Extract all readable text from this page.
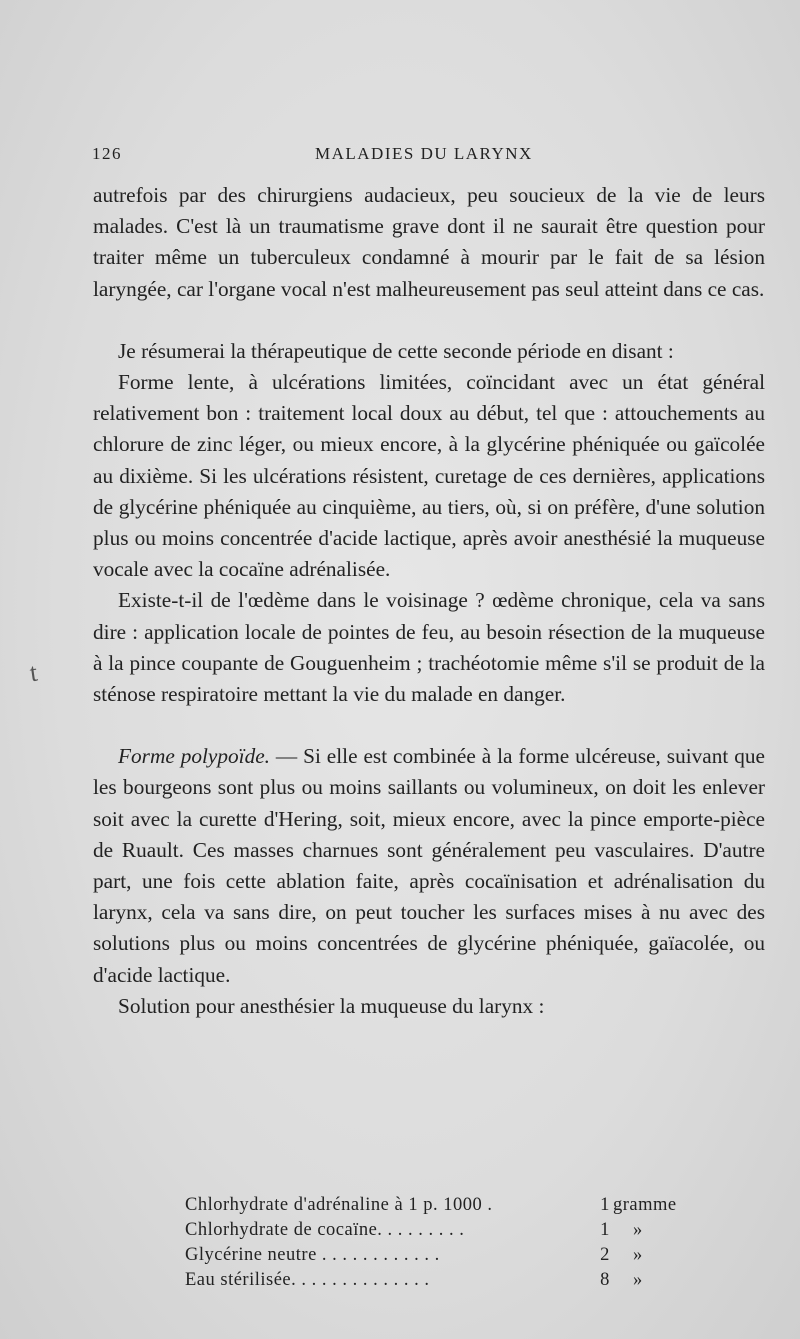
126	MALADIES DU LARYNX
t

autrefois par des chirurgiens audacieux, peu soucieux de la vie de leurs malades. C'est là un traumatisme grave dont il ne saurait être question pour traiter même un tuberculeux condamné à mourir par le fait de sa lésion laryngée, car l'organe vocal n'est malheureusement pas seul atteint dans ce cas.

Je résumerai la thérapeutique de cette seconde période en disant :

Forme lente, à ulcérations limitées, coïncidant avec un état général relativement bon : traitement local doux au début, tel que : attouchements au chlorure de zinc léger, ou mieux encore, à la glycérine phéniquée ou gaïcolée au dixième. Si les ulcérations résistent, curetage de ces dernières, applications de glycérine phéniquée au cinquième, au tiers, où, si on préfère, d'une solution plus ou moins concentrée d'acide lactique, après avoir anesthésié la muqueuse vocale avec la cocaïne adrénalisée.

Existe-t-il de l'œdème dans le voisinage ? œdème chronique, cela va sans dire : application locale de pointes de feu, au besoin résection de la muqueuse à la pince coupante de Gouguenheim ; trachéotomie même s'il se produit de la sténose respiratoire mettant la vie du malade en danger.

Forme polypoïde. — Si elle est combinée à la forme ulcéreuse, suivant que les bourgeons sont plus ou moins saillants ou volumineux, on doit les enlever soit avec la curette d'Hering, soit, mieux encore, avec la pince emporte-pièce de Ruault. Ces masses charnues sont généralement peu vasculaires. D'autre part, une fois cette ablation faite, après cocaïnisation et adrénalisation du larynx, cela va sans dire, on peut toucher les surfaces mises à nu avec des solutions plus ou moins concentrées de glycérine phéniquée, gaïacolée, ou d'acide lactique.

Solution pour anesthésier la muqueuse du larynx :

Chlorhydrate d'adrénaline à 1 p. 1000 .	1 gramme
Chlorhydrate de cocaïne. . . . . . . . .	1 »
Glycérine neutre . . . . . . . . . . . .	2 »
Eau stérilisée. . . . . . . . . . . . . .	8 »
